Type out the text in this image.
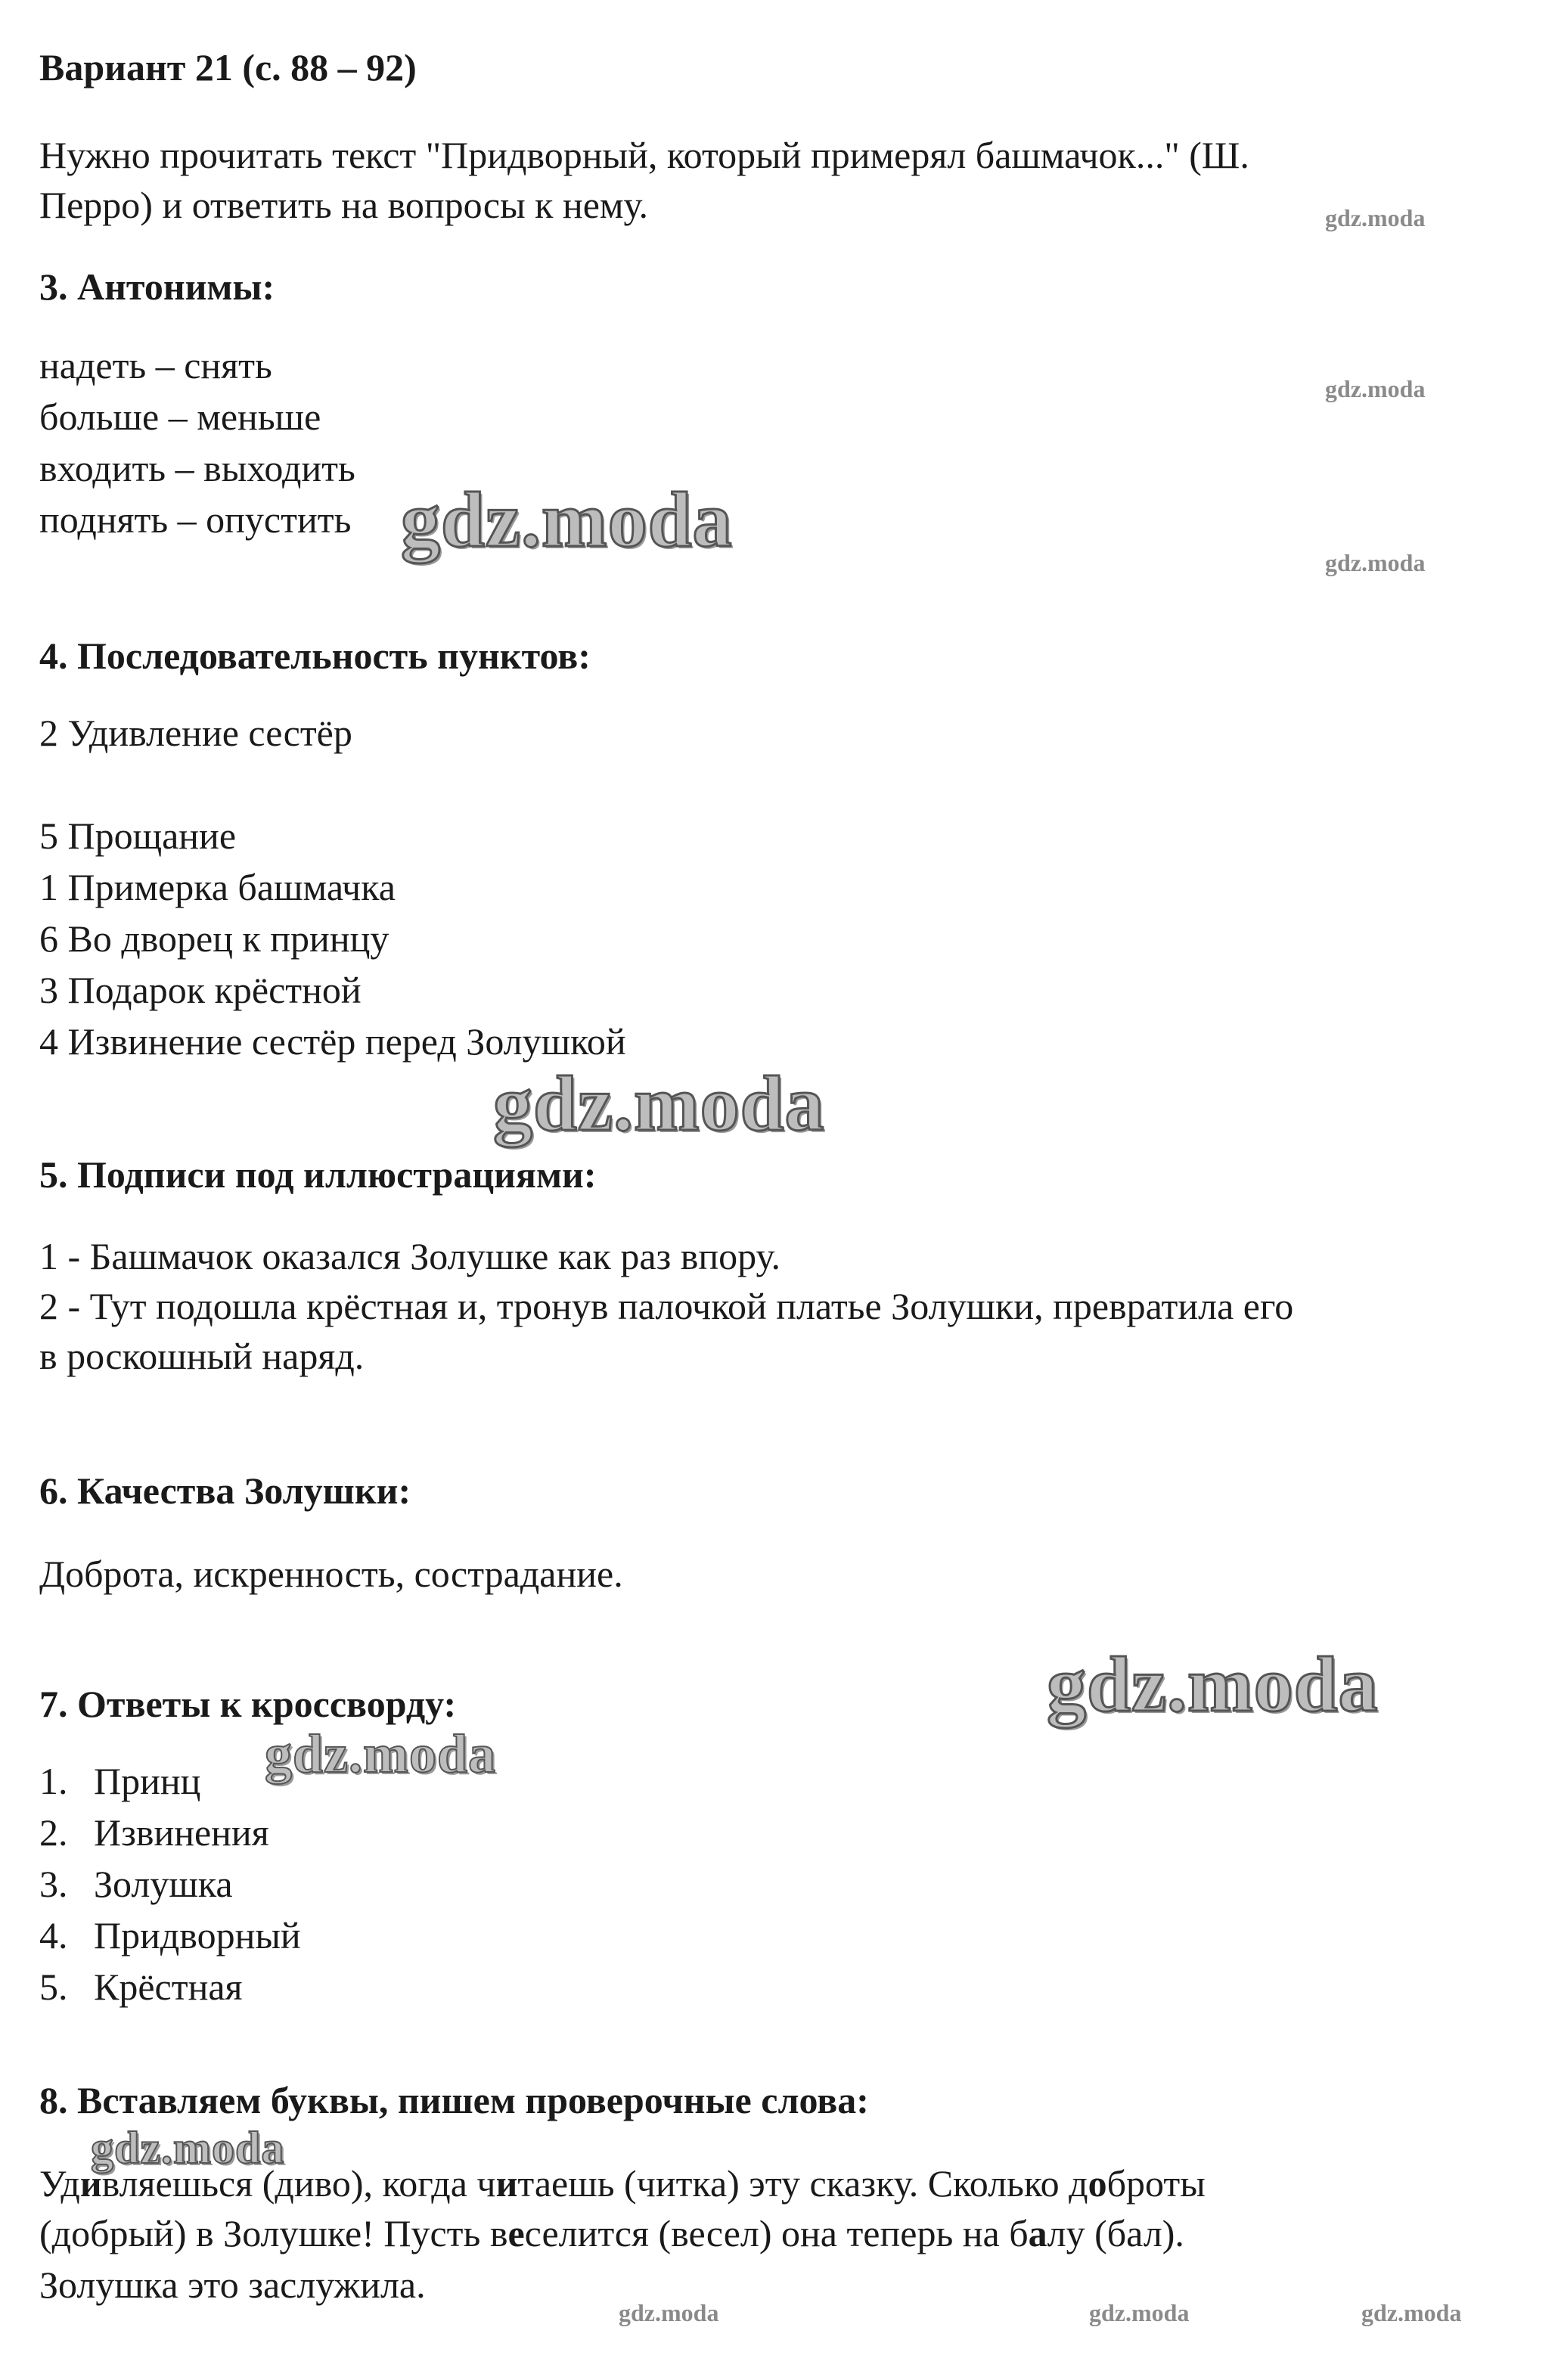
Вариант 21 (с. 88 – 92)
Нужно прочитать текст "Придворный, который примерял башмачок..." (Ш.
Перро) и ответить на вопросы к нему.
3. Антонимы:
надеть – снять
больше – меньше
входить – выходить
поднять – опустить
4. Последовательность пунктов:
2 Удивление сестёр
5 Прощание
1 Примерка башмачка
6 Во дворец к принцу
3 Подарок крёстной
4 Извинение сестёр перед Золушкой
5. Подписи под иллюстрациями:
1 - Башмачок оказался Золушке как раз впору.
2 - Тут подошла крёстная и, тронув палочкой платье Золушки, превратила его
в роскошный наряд.
6. Качества Золушки:
Доброта, искренность, сострадание.
7. Ответы к кроссворду:
1. Принц
2. Извинения
3. Золушка
4. Придворный
5. Крёстная
8. Вставляем буквы, пишем проверочные слова:
Удивляешься (диво), когда читаешь (читка) эту сказку. Сколько доброты
(добрый) в Золушке! Пусть веселится (весел) она теперь на балу (бал).
Золушка это заслужила.
gdz.moda
gdz.moda
gdz.moda
gdz.moda
gdz.moda
gdz.moda
gdz.moda
gdz.moda
gdz.moda	gdz.moda	gdz.moda
